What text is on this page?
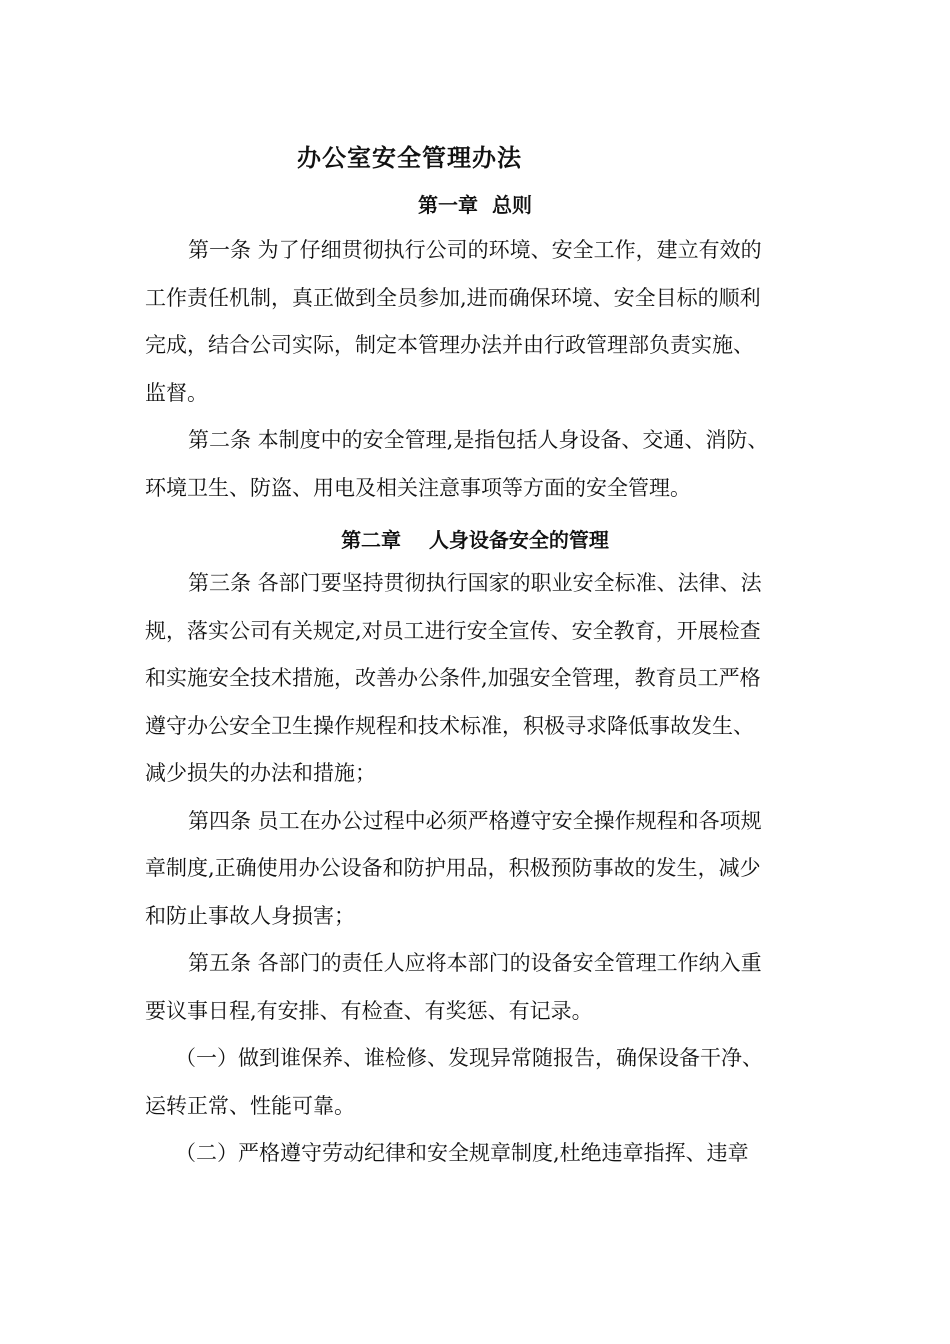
办公室安全管理办法
第一章  总则
第一条 为了仔细贯彻执行公司的环境、安全工作，建立有效的
工作责任机制，真正做到全员参加,进而确保环境、安全目标的顺利
完成，结合公司实际，制定本管理办法并由行政管理部负责实施、
监督。
第二条 本制度中的安全管理,是指包括人身设备、交通、消防、
环境卫生、防盗、用电及相关注意事项等方面的安全管理。
第二章    人身设备安全的管理
第三条 各部门要坚持贯彻执行国家的职业安全标准、法律、法
规，落实公司有关规定,对员工进行安全宣传、安全教育，开展检查
和实施安全技术措施，改善办公条件,加强安全管理，教育员工严格
遵守办公安全卫生操作规程和技术标准，积极寻求降低事故发生、
减少损失的办法和措施；
第四条 员工在办公过程中必须严格遵守安全操作规程和各项规
章制度,正确使用办公设备和防护用品，积极预防事故的发生，减少
和防止事故人身损害；
第五条 各部门的责任人应将本部门的设备安全管理工作纳入重
要议事日程,有安排、有检查、有奖惩、有记录。
（一）做到谁保养、谁检修、发现异常随报告，确保设备干净、
运转正常、性能可靠。
（二）严格遵守劳动纪律和安全规章制度,杜绝违章指挥、违章
